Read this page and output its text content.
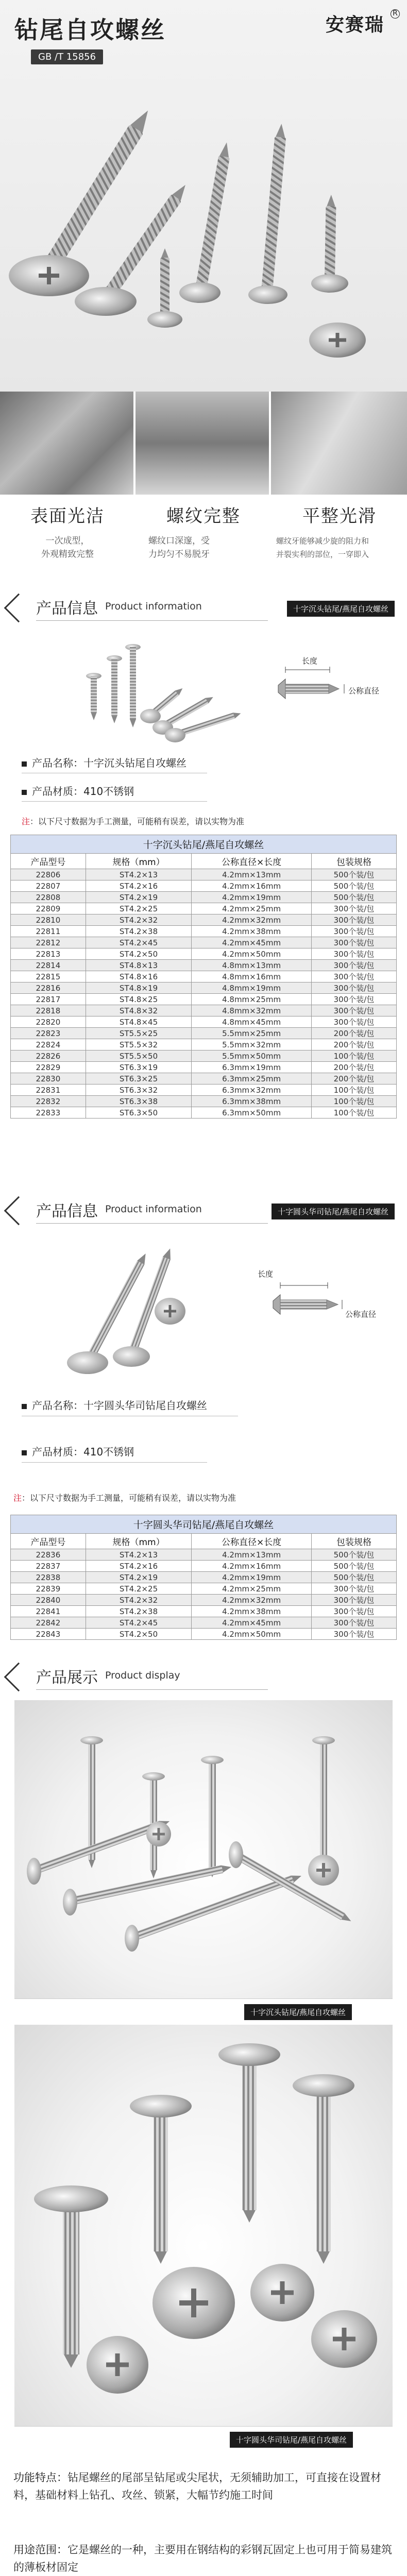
钻尾自攻螺丝
GB /T 15856
安赛瑞
R
表面光洁

一次成型，
外观精致完整

螺纹完整

螺纹口深邃，受
力均匀不易脱牙

平整光滑

螺纹牙能够减少旋的阻力和
并裂实利的部位，一穿即入

产品信息 Product information	十字沉头钻尾/燕尾自攻螺丝
长度
公称直径
产品名称：十字沉头钻尾自攻螺丝
产品材质：410不锈钢
注：以下尺寸数据为手工测量，可能稍有误差，请以实物为准
十字沉头钻尾/燕尾自攻螺丝
产品型号	规格（mm）	公称直径×长度	包装规格
22806	ST4.2×13	4.2mm×13mm	500个装/包
22807	ST4.2×16	4.2mm×16mm	500个装/包
22808	ST4.2×19	4.2mm×19mm	500个装/包
22809	ST4.2×25	4.2mm×25mm	300个装/包
22810	ST4.2×32	4.2mm×32mm	300个装/包
22811	ST4.2×38	4.2mm×38mm	300个装/包
22812	ST4.2×45	4.2mm×45mm	300个装/包
22813	ST4.2×50	4.2mm×50mm	300个装/包
22814	ST4.8×13	4.8mm×13mm	300个装/包
22815	ST4.8×16	4.8mm×16mm	300个装/包
22816	ST4.8×19	4.8mm×19mm	300个装/包
22817	ST4.8×25	4.8mm×25mm	300个装/包
22818	ST4.8×32	4.8mm×32mm	300个装/包
22820	ST4.8×45	4.8mm×45mm	300个装/包
22823	ST5.5×25	5.5mm×25mm	200个装/包
22824	ST5.5×32	5.5mm×32mm	200个装/包
22826	ST5.5×50	5.5mm×50mm	100个装/包
22829	ST6.3×19	6.3mm×19mm	200个装/包
22830	ST6.3×25	6.3mm×25mm	200个装/包
22831	ST6.3×32	6.3mm×32mm	100个装/包
22832	ST6.3×38	6.3mm×38mm	100个装/包
22833	ST6.3×50	6.3mm×50mm	100个装/包
产品信息 Product information	十字圆头华司钻尾/燕尾自攻螺丝
长度
公称直径
产品名称：十字圆头华司钻尾自攻螺丝
产品材质：410不锈钢
注：以下尺寸数据为手工测量，可能稍有误差，请以实物为准
十字圆头华司钻尾/燕尾自攻螺丝
产品型号	规格（mm）	公称直径×长度	包装规格
22836	ST4.2×13	4.2mm×13mm	500个装/包
22837	ST4.2×16	4.2mm×16mm	500个装/包
22838	ST4.2×19	4.2mm×19mm	500个装/包
22839	ST4.2×25	4.2mm×25mm	300个装/包
22840	ST4.2×32	4.2mm×32mm	300个装/包
22841	ST4.2×38	4.2mm×38mm	300个装/包
22842	ST4.2×45	4.2mm×45mm	300个装/包
22843	ST4.2×50	4.2mm×50mm	300个装/包
产品展示 Product display
十字沉头钻尾/燕尾自攻螺丝
十字圆头华司钻尾/燕尾自攻螺丝
功能特点：钻尾螺丝的尾部呈钻尾或尖尾状，无须辅助加工，可直接在设置材料，基础材料上钻孔、攻丝、锁紧，大幅节约施工时间
用途范围：它是螺丝的一种，主要用在钢结构的彩钢瓦固定上也可用于简易建筑的薄板材固定
